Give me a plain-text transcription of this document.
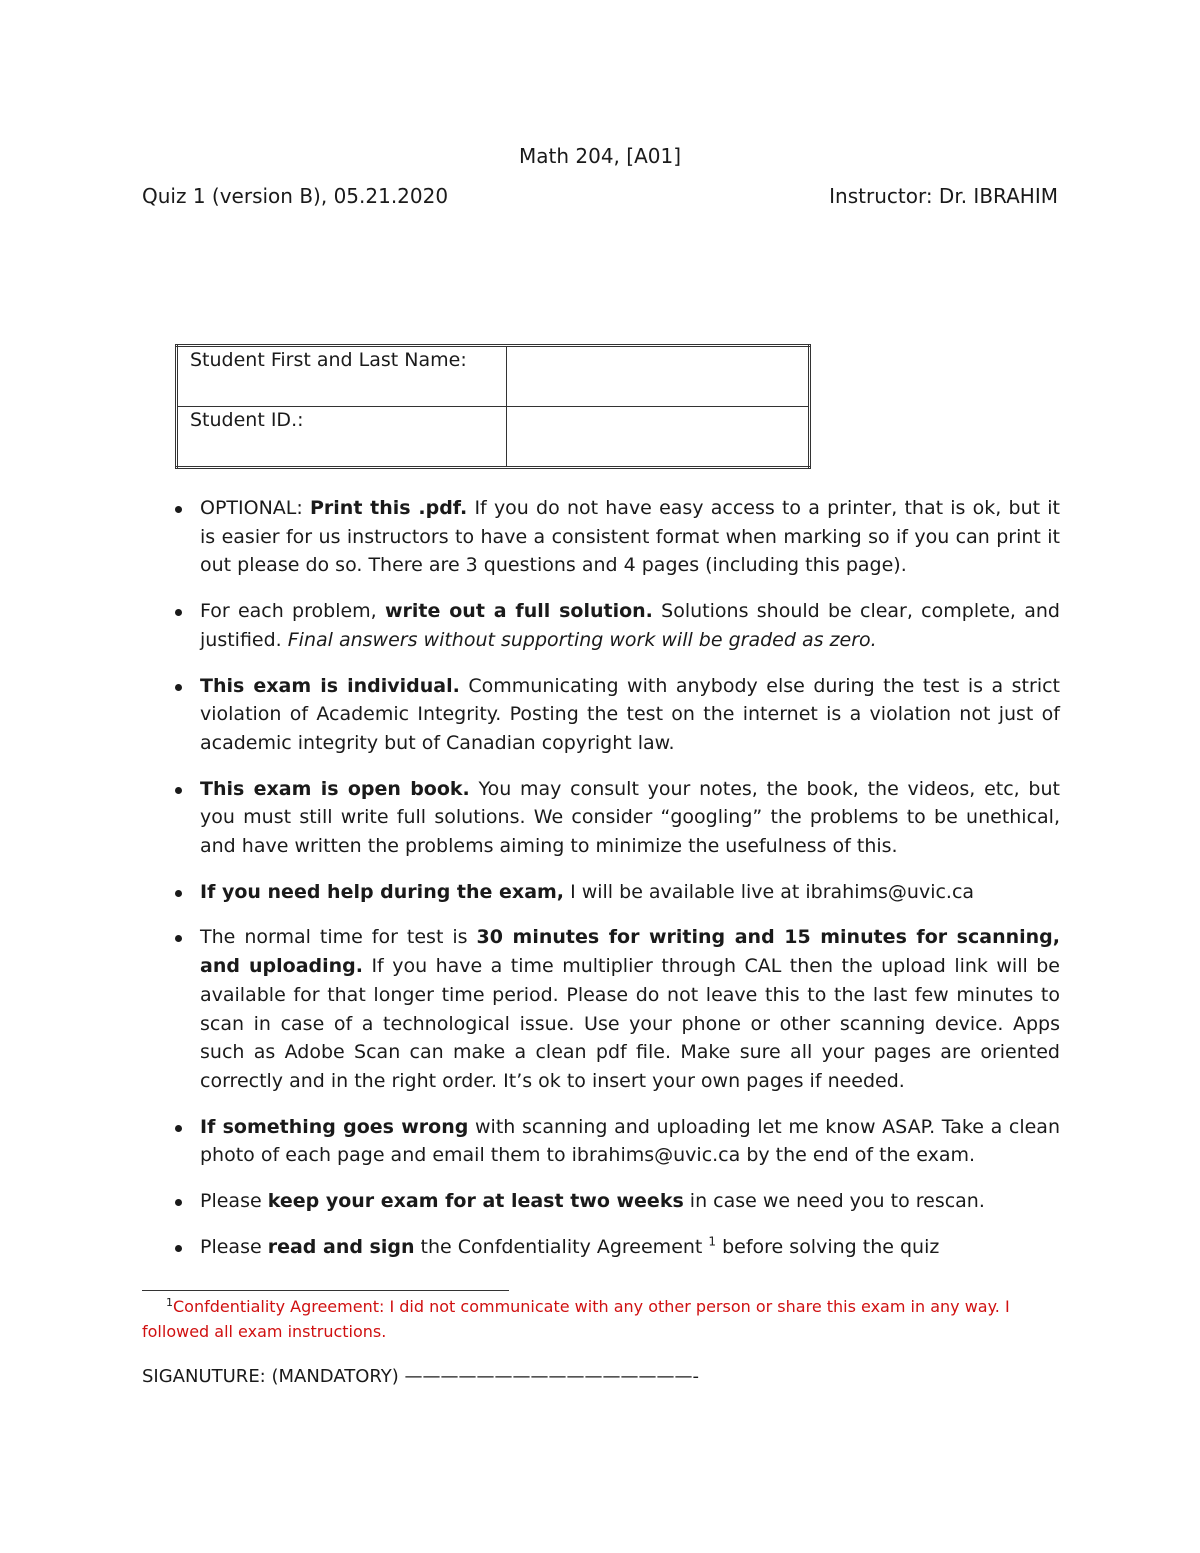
Math 204, [A01]
Quiz 1 (version B), 05.21.2020	Instructor: Dr. IBRAHIM
Student First and Last Name:	
Student ID.:	
OPTIONAL: Print this .pdf. If you do not have easy access to a printer, that is ok, but it is easier for us instructors to have a consistent format when marking so if you can print it out please do so. There are 3 questions and 4 pages (including this page).
For each problem, write out a full solution. Solutions should be clear, complete, and justified. Final answers without supporting work will be graded as zero.
This exam is individual. Communicating with anybody else during the test is a strict violation of Academic Integrity. Posting the test on the internet is a violation not just of academic integrity but of Canadian copyright law.
This exam is open book. You may consult your notes, the book, the videos, etc, but you must still write full solutions. We consider “googling” the problems to be unethical, and have written the problems aiming to minimize the usefulness of this.
If you need help during the exam, I will be available live at ibrahims@uvic.ca
The normal time for test is 30 minutes for writing and 15 minutes for scanning, and uploading. If you have a time multiplier through CAL then the upload link will be available for that longer time period. Please do not leave this to the last few minutes to scan in case of a technological issue. Use your phone or other scanning device. Apps such as Adobe Scan can make a clean pdf file. Make sure all your pages are oriented correctly and in the right order. It’s ok to insert your own pages if needed.
If something goes wrong with scanning and uploading let me know ASAP. Take a clean photo of each page and email them to ibrahims@uvic.ca by the end of the exam.
Please keep your exam for at least two weeks in case we need you to rescan.
Please read and sign the Confdentiality Agreement $^1$ before solving the quiz
$^1$Confdentiality Agreement: I did not communicate with any other person or share this exam in any way. I followed all exam instructions.
SIGANUTURE: (MANDATORY) ————————————————-
